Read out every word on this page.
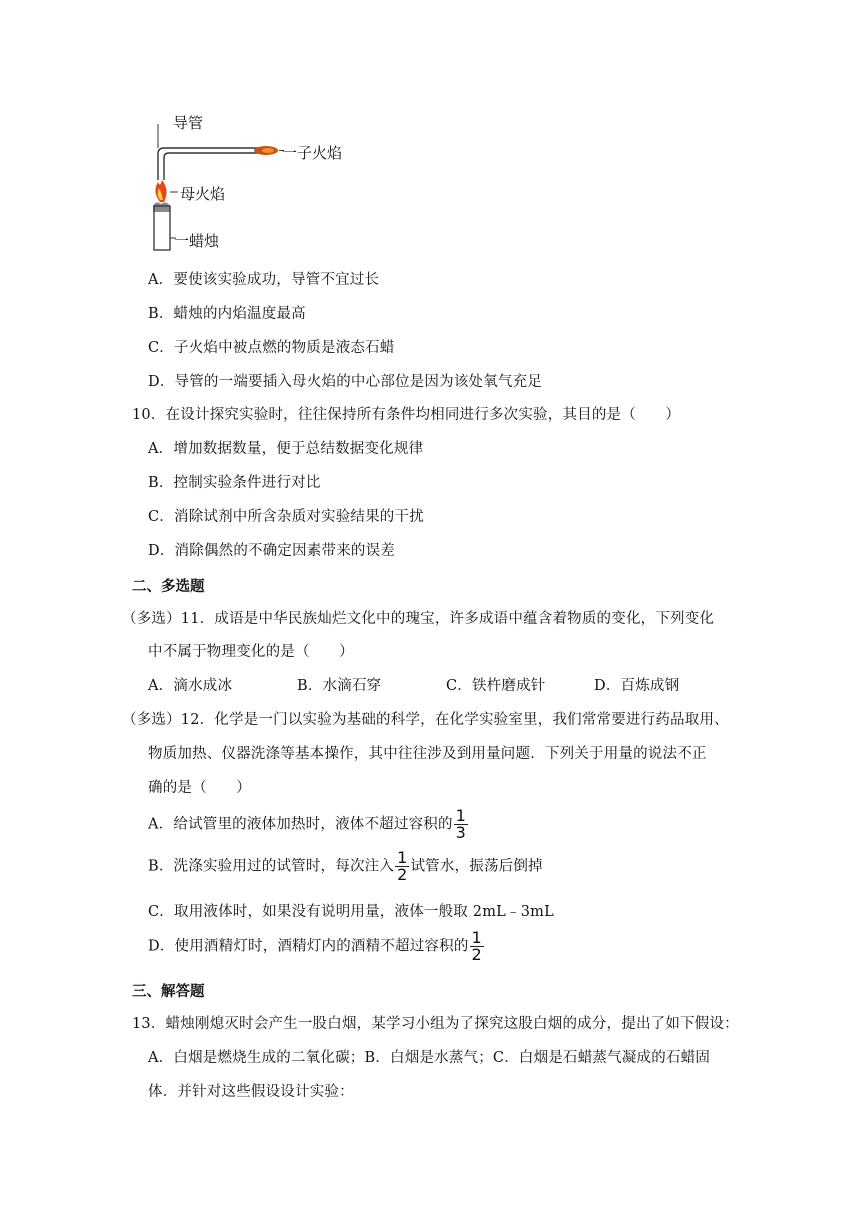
导管
一子火焰
母火焰
一蜡烛
A．要使该实验成功，导管不宜过长
B．蜡烛的内焰温度最高
C．子火焰中被点燃的物质是液态石蜡
D．导管的一端要插入母火焰的中心部位是因为该处氧气充足
10．在设计探究实验时，往往保持所有条件均相同进行多次实验，其目的是（　　）
A．增加数据数量，便于总结数据变化规律
B．控制实验条件进行对比
C．消除试剂中所含杂质对实验结果的干扰
D．消除偶然的不确定因素带来的误差
二、多选题
（多选）11．成语是中华民族灿烂文化中的瑰宝，许多成语中蕴含着物质的变化，下列变化
中不属于物理变化的是（　　）
A．滴水成冰	B．水滴石穿	C．铁杵磨成针	D．百炼成钢
（多选）12．化学是一门以实验为基础的科学，在化学实验室里，我们常常要进行药品取用、
物质加热、仪器洗涤等基本操作，其中往往涉及到用量问题．下列关于用量的说法不正
确的是（　　）
A．给试管里的液体加热时，液体不超过容积的 $\frac{1}{3}$
B．洗涤实验用过的试管时，每次注入 $\frac{1}{2}$ 试管水，振荡后倒掉
C．取用液体时，如果没有说明用量，液体一般取 2mL﹣3mL
D．使用酒精灯时，酒精灯内的酒精不超过容积的 $\frac{1}{2}$
三、解答题
13．蜡烛刚熄灭时会产生一股白烟，某学习小组为了探究这股白烟的成分，提出了如下假设：
A．白烟是燃烧生成的二氧化碳；B．白烟是水蒸气；C．白烟是石蜡蒸气凝成的石蜡固
体．并针对这些假设设计实验：
